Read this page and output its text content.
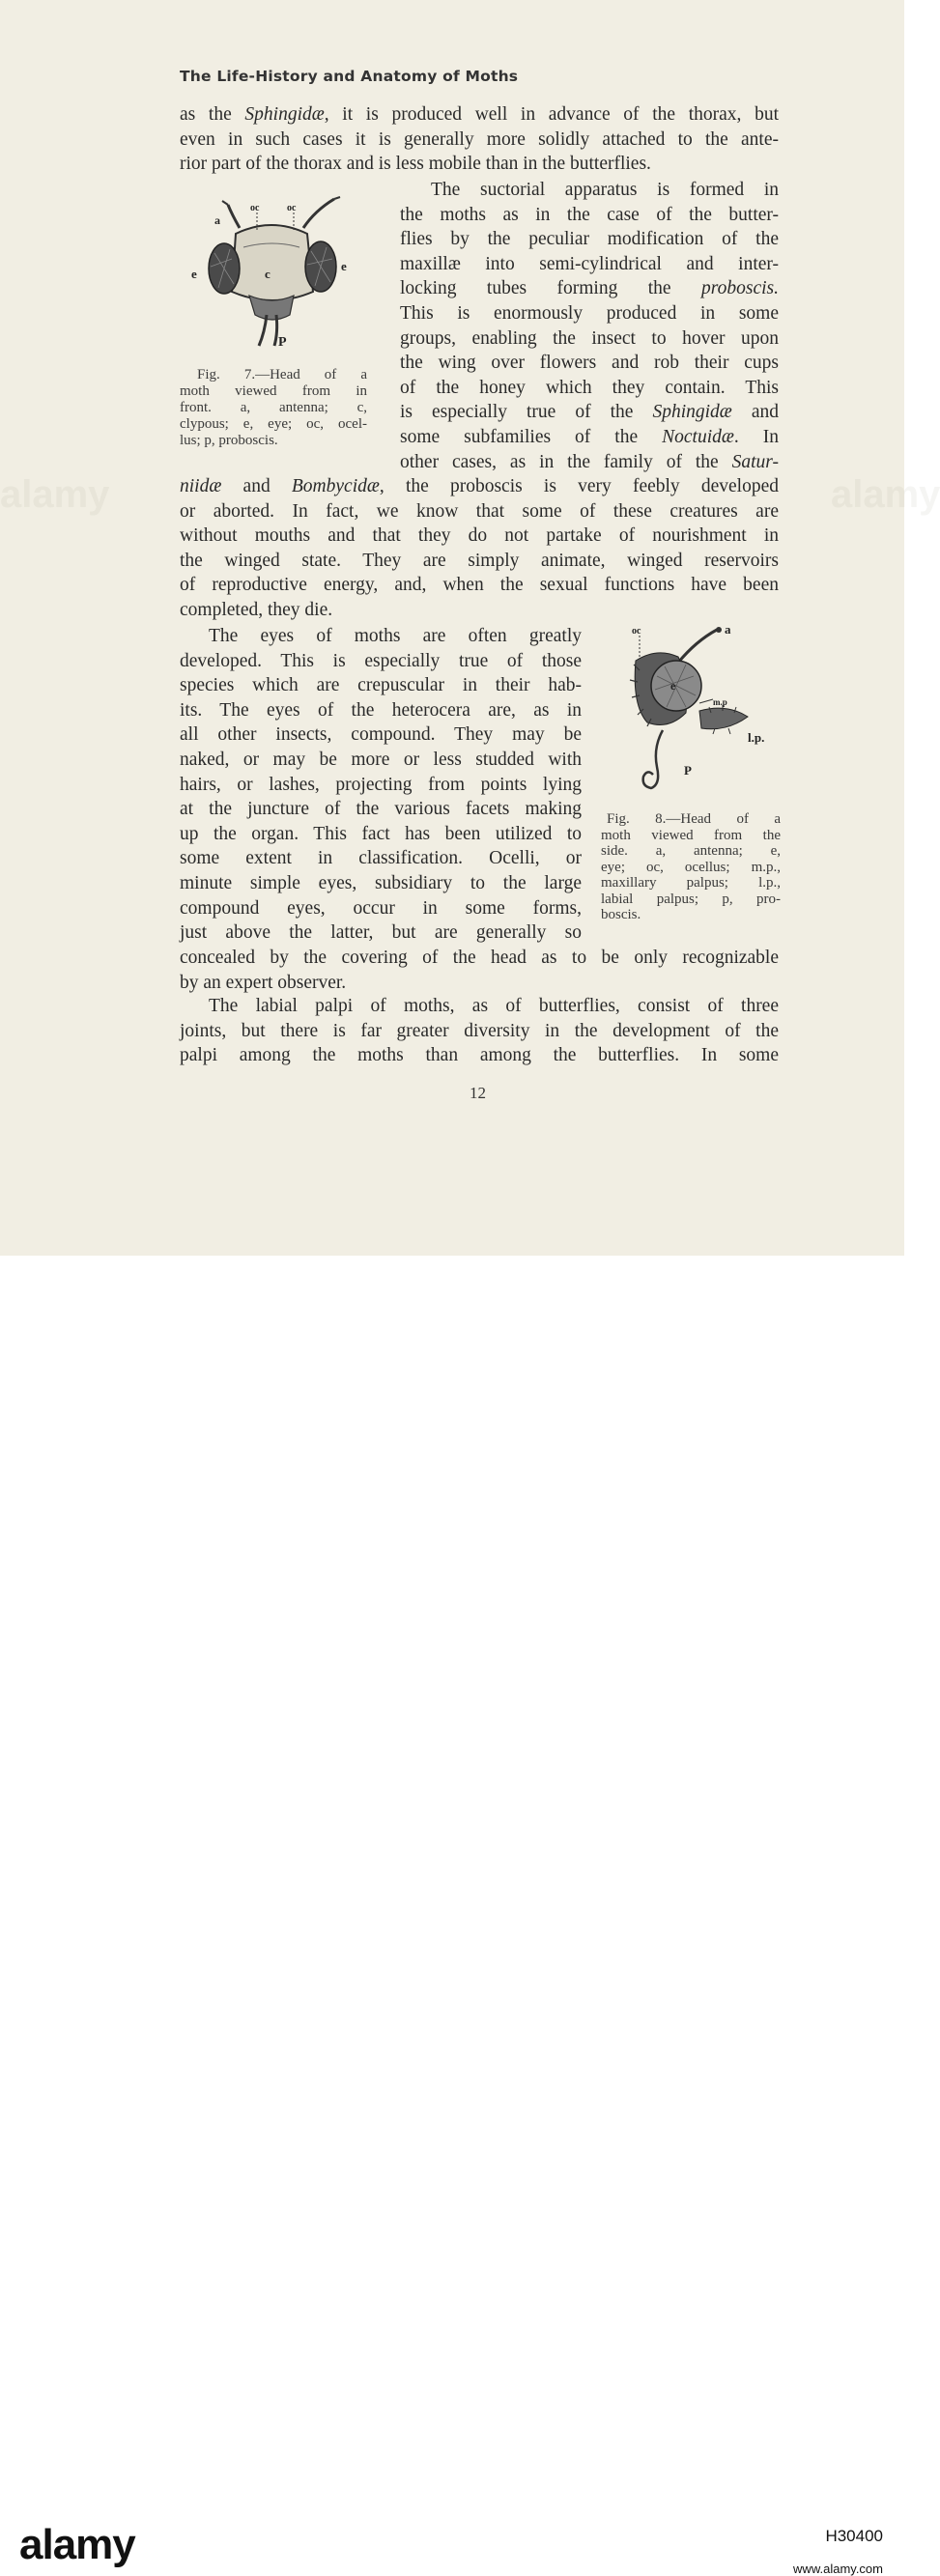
alamy	alamy
The Life-History and Anatomy of Moths
as the Sphingidæ, it is produced well in advance of the thorax, but
even in such cases it is generally more solidly attached to the ante-
rior part of the thorax and is less mobile than in the butterflies.
The suctorial apparatus is formed in
the moths as in the case of the butter-
flies by the peculiar modification of the
maxillæ into semi-cylindrical and inter-
locking tubes forming the proboscis.
This is enormously produced in some
groups, enabling the insect to hover upon
the wing over flowers and rob their cups
of the honey which they contain. This
is especially true of the Sphingidæ and
some subfamilies of the Noctuidæ. In
other cases, as in the family of the Satur-
niidæ and Bombycidæ, the proboscis is very feebly developed
or aborted. In fact, we know that some of these creatures are
without mouths and that they do not partake of nourishment in
the winged state. They are simply animate, winged reservoirs
of reproductive energy, and, when the sexual functions have been
completed, they die.
The eyes of moths are often greatly
developed. This is especially true of those
species which are crepuscular in their hab-
its. The eyes of the heterocera are, as in
all other insects, compound. They may be
naked, or may be more or less studded with
hairs, or lashes, projecting from points lying
at the juncture of the various facets making
up the organ. This fact has been utilized to
some extent in classification. Ocelli, or
minute simple eyes, subsidiary to the large
compound eyes, occur in some forms,
just above the latter, but are generally so
concealed by the covering of the head as to be only recognizable
by an expert observer.
The labial palpi of moths, as of butterflies, consist of three
joints, but there is far greater diversity in the development of the
palpi among the moths than among the butterflies. In some
a
oc	oc
e
e
c
P
oc	a
e
m.p
l.p.
P
Fig. 7.—Head of a
moth viewed from in
front. a, antenna; c,
clypous; e, eye; oc, ocel-
lus; p, proboscis.
Fig. 8.—Head of a
moth viewed from the
side. a, antenna; e,
eye; oc, ocellus; m.p.,
maxillary palpus; l.p.,
labial palpus; p, pro-
boscis.
12
alamy	H30400
www.alamy.com
